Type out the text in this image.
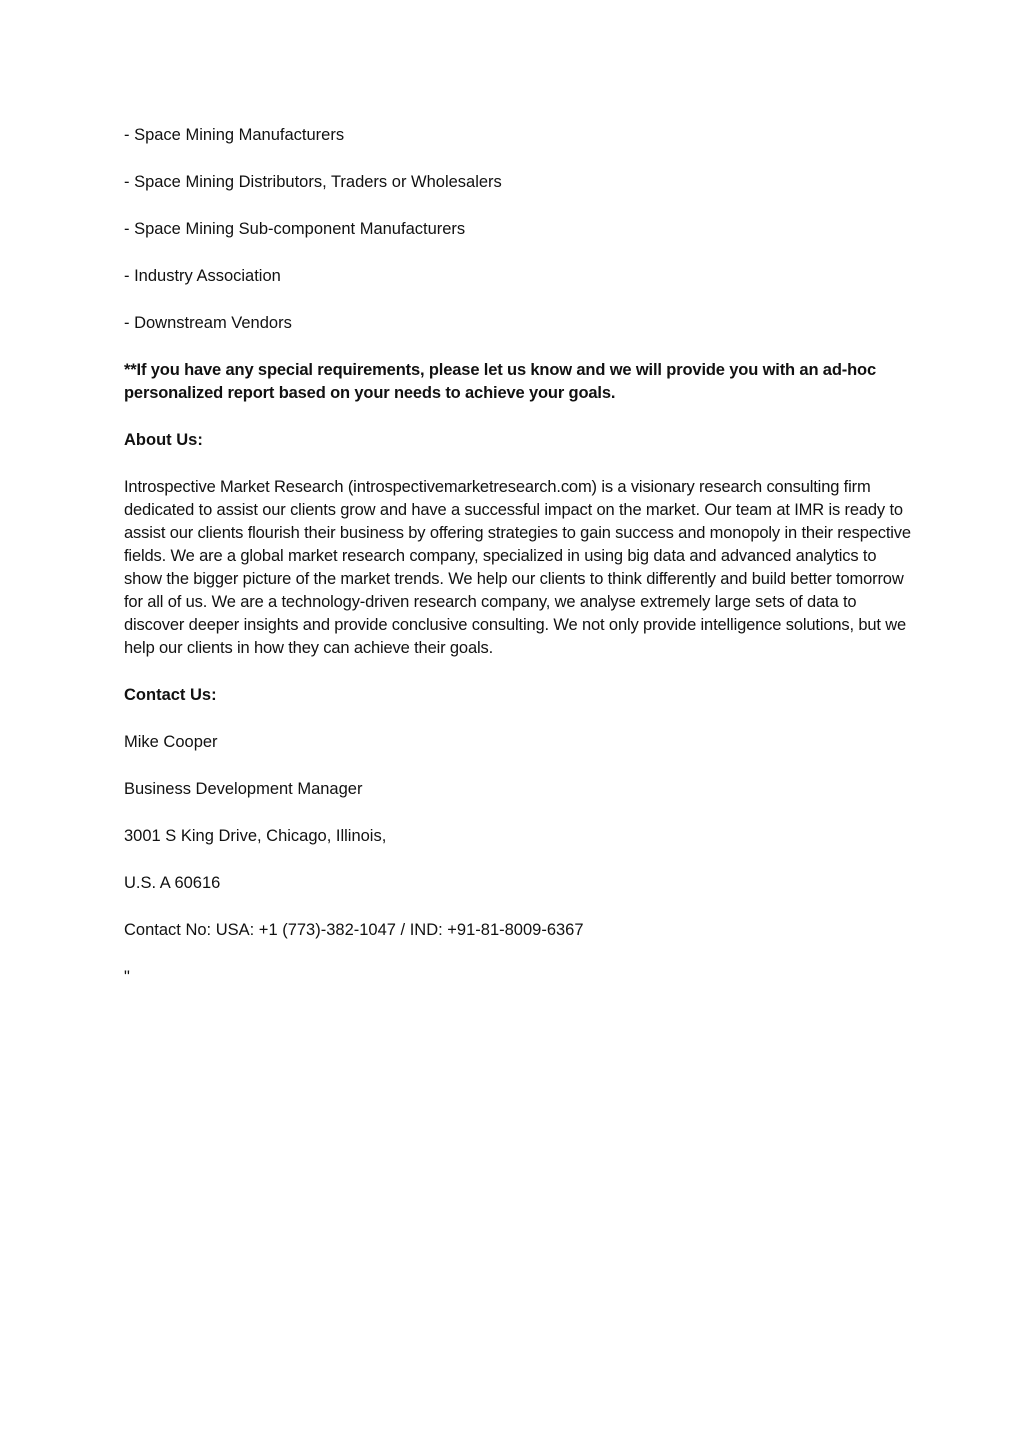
- Space Mining Manufacturers
- Space Mining Distributors, Traders or Wholesalers
- Space Mining Sub-component Manufacturers
- Industry Association
- Downstream Vendors
**If you have any special requirements, please let us know and we will provide you with an ad-hoc personalized report based on your needs to achieve your goals.
About Us:
Introspective Market Research (introspectivemarketresearch.com) is a visionary research consulting firm dedicated to assist our clients grow and have a successful impact on the market. Our team at IMR is ready to assist our clients flourish their business by offering strategies to gain success and monopoly in their respective fields. We are a global market research company, specialized in using big data and advanced analytics to show the bigger picture of the market trends. We help our clients to think differently and build better tomorrow for all of us. We are a technology-driven research company, we analyse extremely large sets of data to discover deeper insights and provide conclusive consulting. We not only provide intelligence solutions, but we help our clients in how they can achieve their goals.
Contact Us:
Mike Cooper
Business Development Manager
3001 S King Drive, Chicago, Illinois,
U.S. A 60616
Contact No: USA: +1 (773)-382-1047 / IND: +91-81-8009-6367
"
